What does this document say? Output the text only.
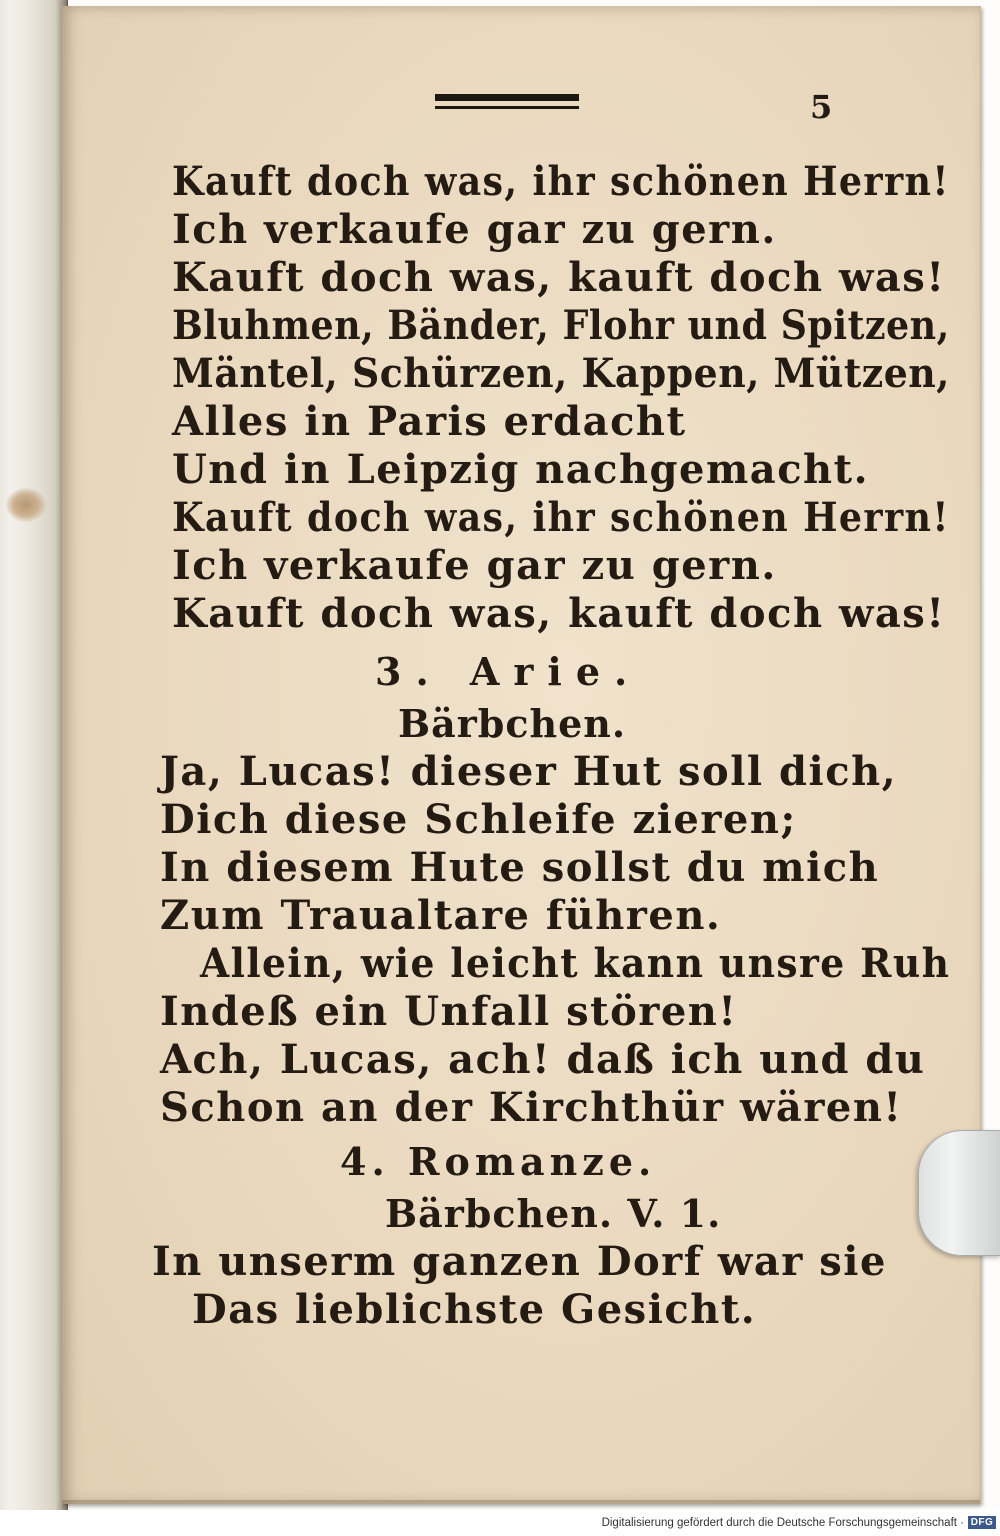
5
Kauft doch was, ihr schönen Herrn!
Ich verkaufe gar zu gern.
Kauft doch was, kauft doch was!
Bluhmen, Bänder, Flohr und Spitzen,
Mäntel, Schürzen, Kappen, Mützen,
Alles in Paris erdacht
Und in Leipzig nachgemacht.
Kauft doch was, ihr schönen Herrn!
Ich verkaufe gar zu gern.
Kauft doch was, kauft doch was!
3. Arie.
Bärbchen.
Ja, Lucas! dieser Hut soll dich,
Dich diese Schleife zieren;
In diesem Hute sollst du mich
Zum Traualtare führen.
Allein, wie leicht kann unsre Ruh
Indeß ein Unfall stören!
Ach, Lucas, ach! daß ich und du
Schon an der Kirchthür wären!
4. Romanze.
Bärbchen. V. 1.
In unserm ganzen Dorf war sie
Das lieblichste Gesicht.
Digitalisierung gefördert durch die Deutsche Forschungsgemeinschaft · DFG
